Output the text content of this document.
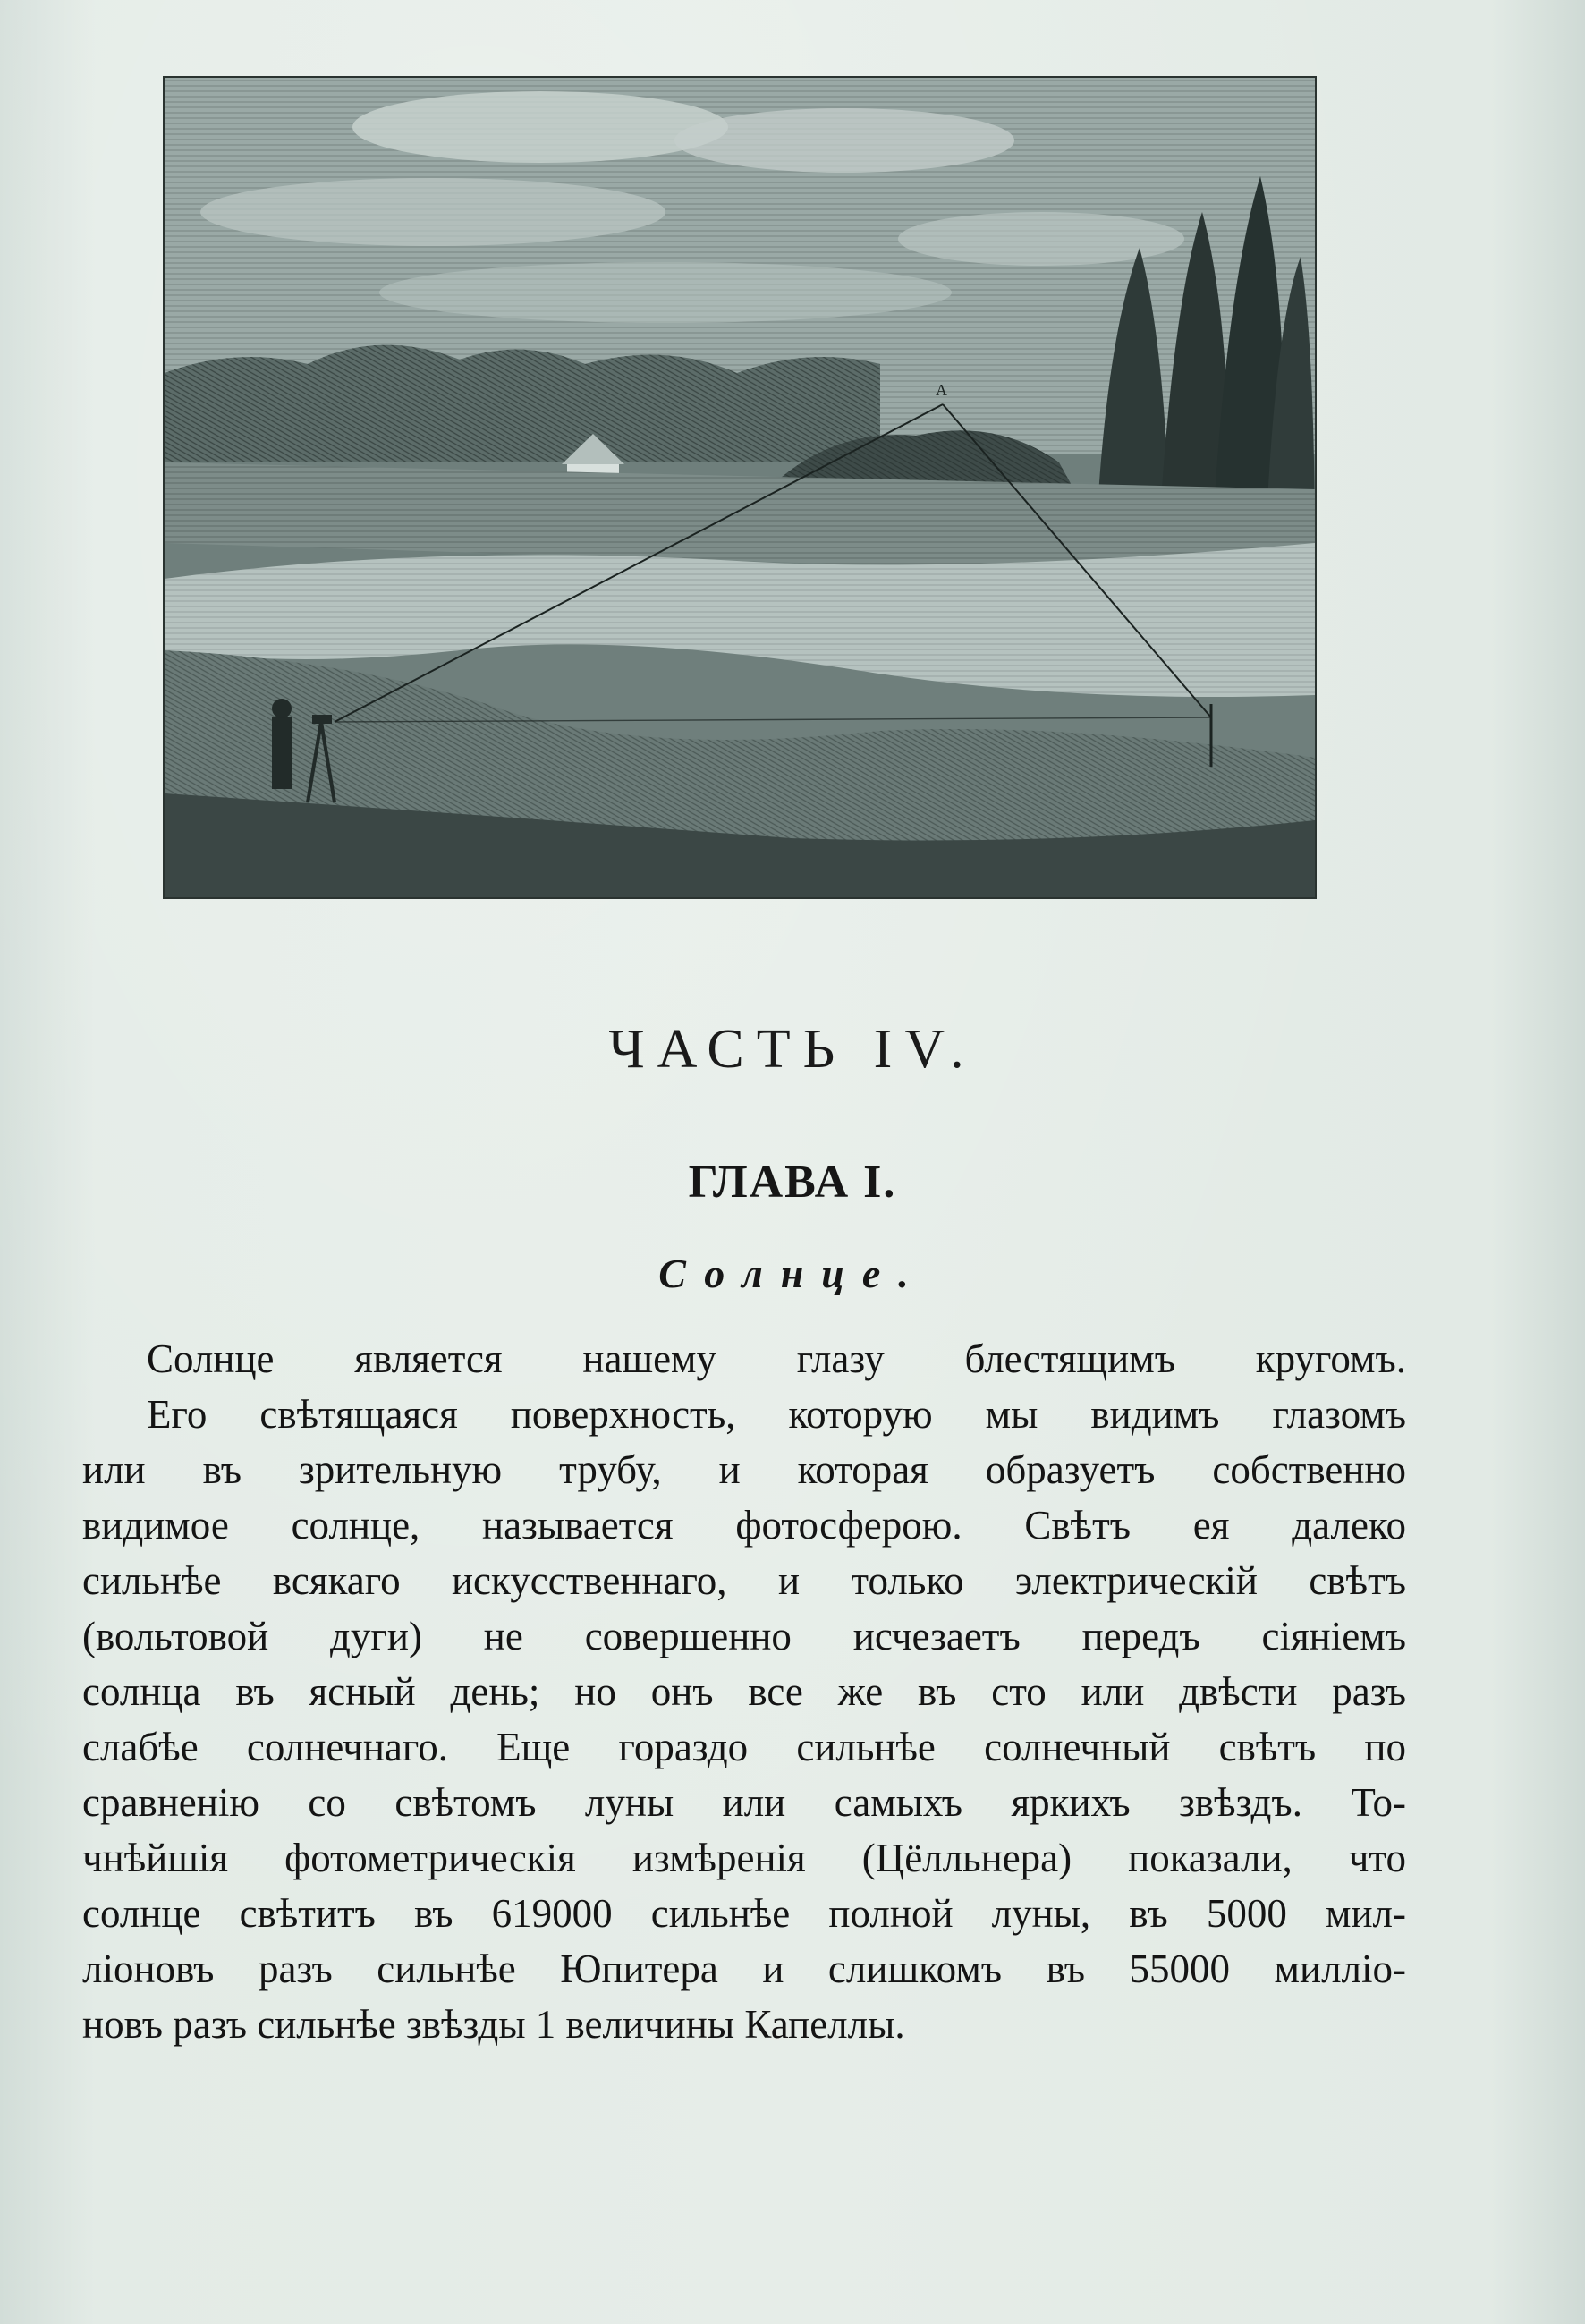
A
ЧАСТЬ IV.
ГЛАВА I.
Солнце.
Солнце является нашему глазу блестящимъ кругомъ.
Его свѣтящаяся поверхность, которую мы видимъ глазомъ
или въ зрительную трубу, и которая образуетъ собственно
видимое солнце, называется фотосферою. Свѣтъ ея далеко
сильнѣе всякаго искусственнаго, и только электрическій свѣтъ
(вольтовой дуги) не совершенно исчезаетъ передъ сіяніемъ
солнца въ ясный день; но онъ все же въ сто или двѣсти разъ
слабѣе солнечнаго. Еще гораздо сильнѣе солнечный свѣтъ по
сравненію со свѣтомъ луны или самыхъ яркихъ звѣздъ. То-
чнѣйшія фотометрическія измѣренія (Цёлльнера) показали, что
солнце свѣтитъ въ 619000 сильнѣе полной луны, въ 5000 мил-
ліоновъ разъ сильнѣе Юпитера и слишкомъ въ 55000 милліо-
новъ разъ сильнѣе звѣзды 1 величины Капеллы.
